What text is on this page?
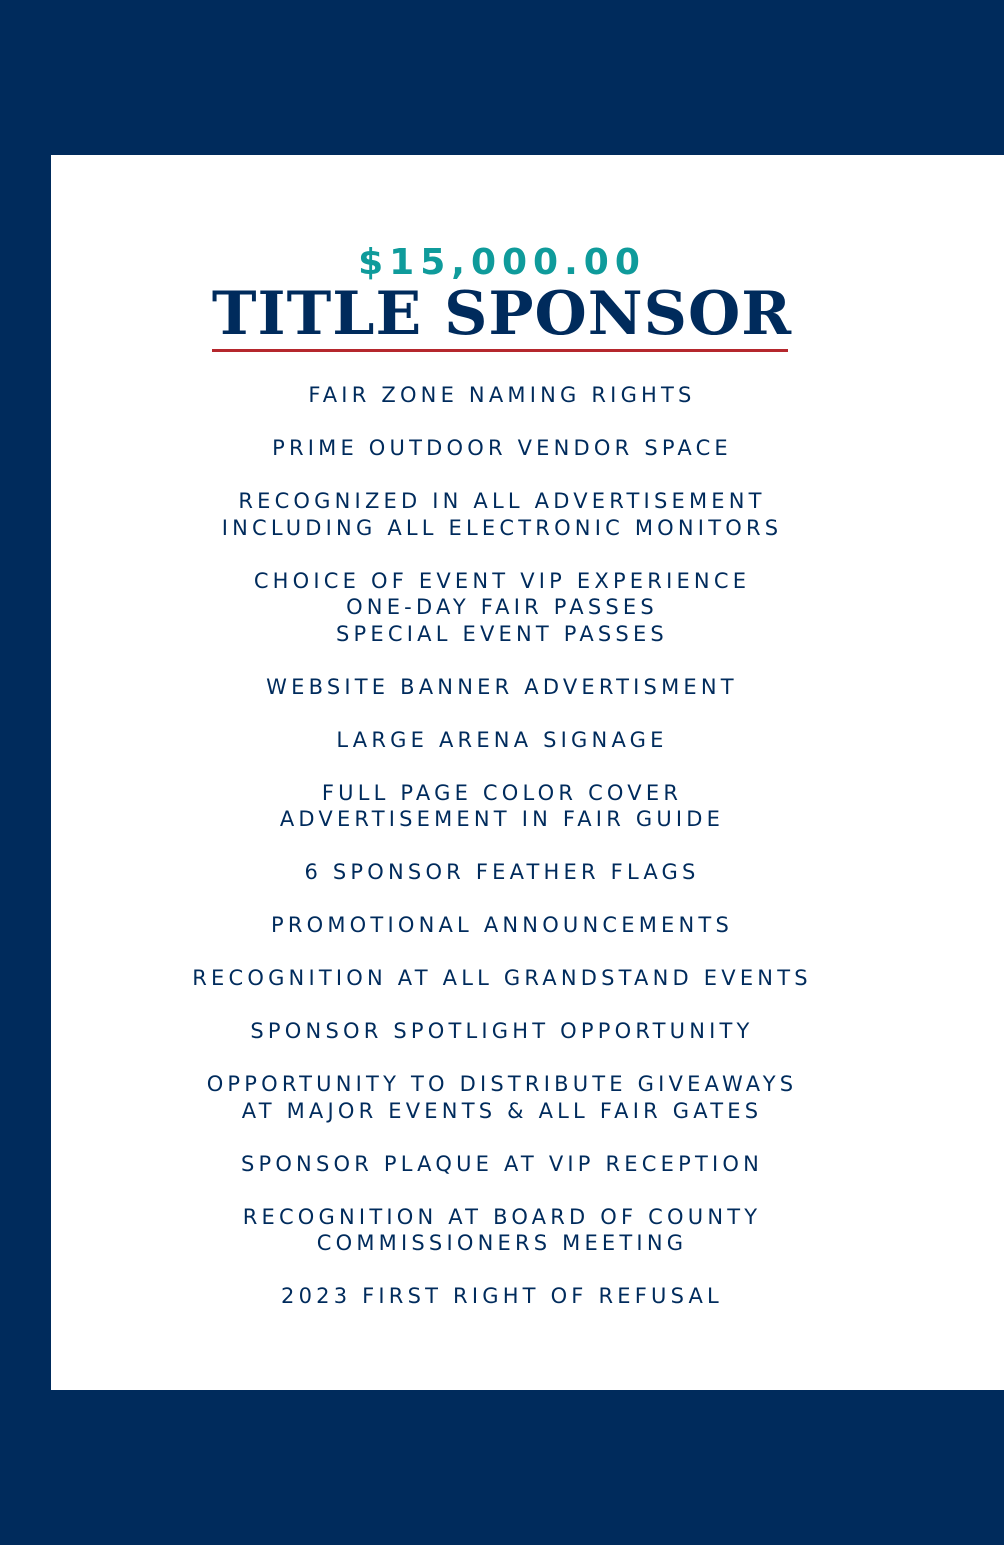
$15,000.00
TITLE SPONSOR
FAIR ZONE NAMING RIGHTS
PRIME OUTDOOR VENDOR SPACE
RECOGNIZED IN ALL ADVERTISEMENT
INCLUDING ALL ELECTRONIC MONITORS
CHOICE OF EVENT VIP EXPERIENCE
ONE-DAY FAIR PASSES
SPECIAL EVENT PASSES
WEBSITE BANNER ADVERTISMENT
LARGE ARENA SIGNAGE
FULL PAGE COLOR COVER
ADVERTISEMENT IN FAIR GUIDE
6 SPONSOR FEATHER FLAGS
PROMOTIONAL ANNOUNCEMENTS
RECOGNITION AT ALL GRANDSTAND EVENTS
SPONSOR SPOTLIGHT OPPORTUNITY
OPPORTUNITY TO DISTRIBUTE GIVEAWAYS
AT MAJOR EVENTS & ALL FAIR GATES
SPONSOR PLAQUE AT VIP RECEPTION
RECOGNITION AT BOARD OF COUNTY
COMMISSIONERS MEETING
2023 FIRST RIGHT OF REFUSAL
